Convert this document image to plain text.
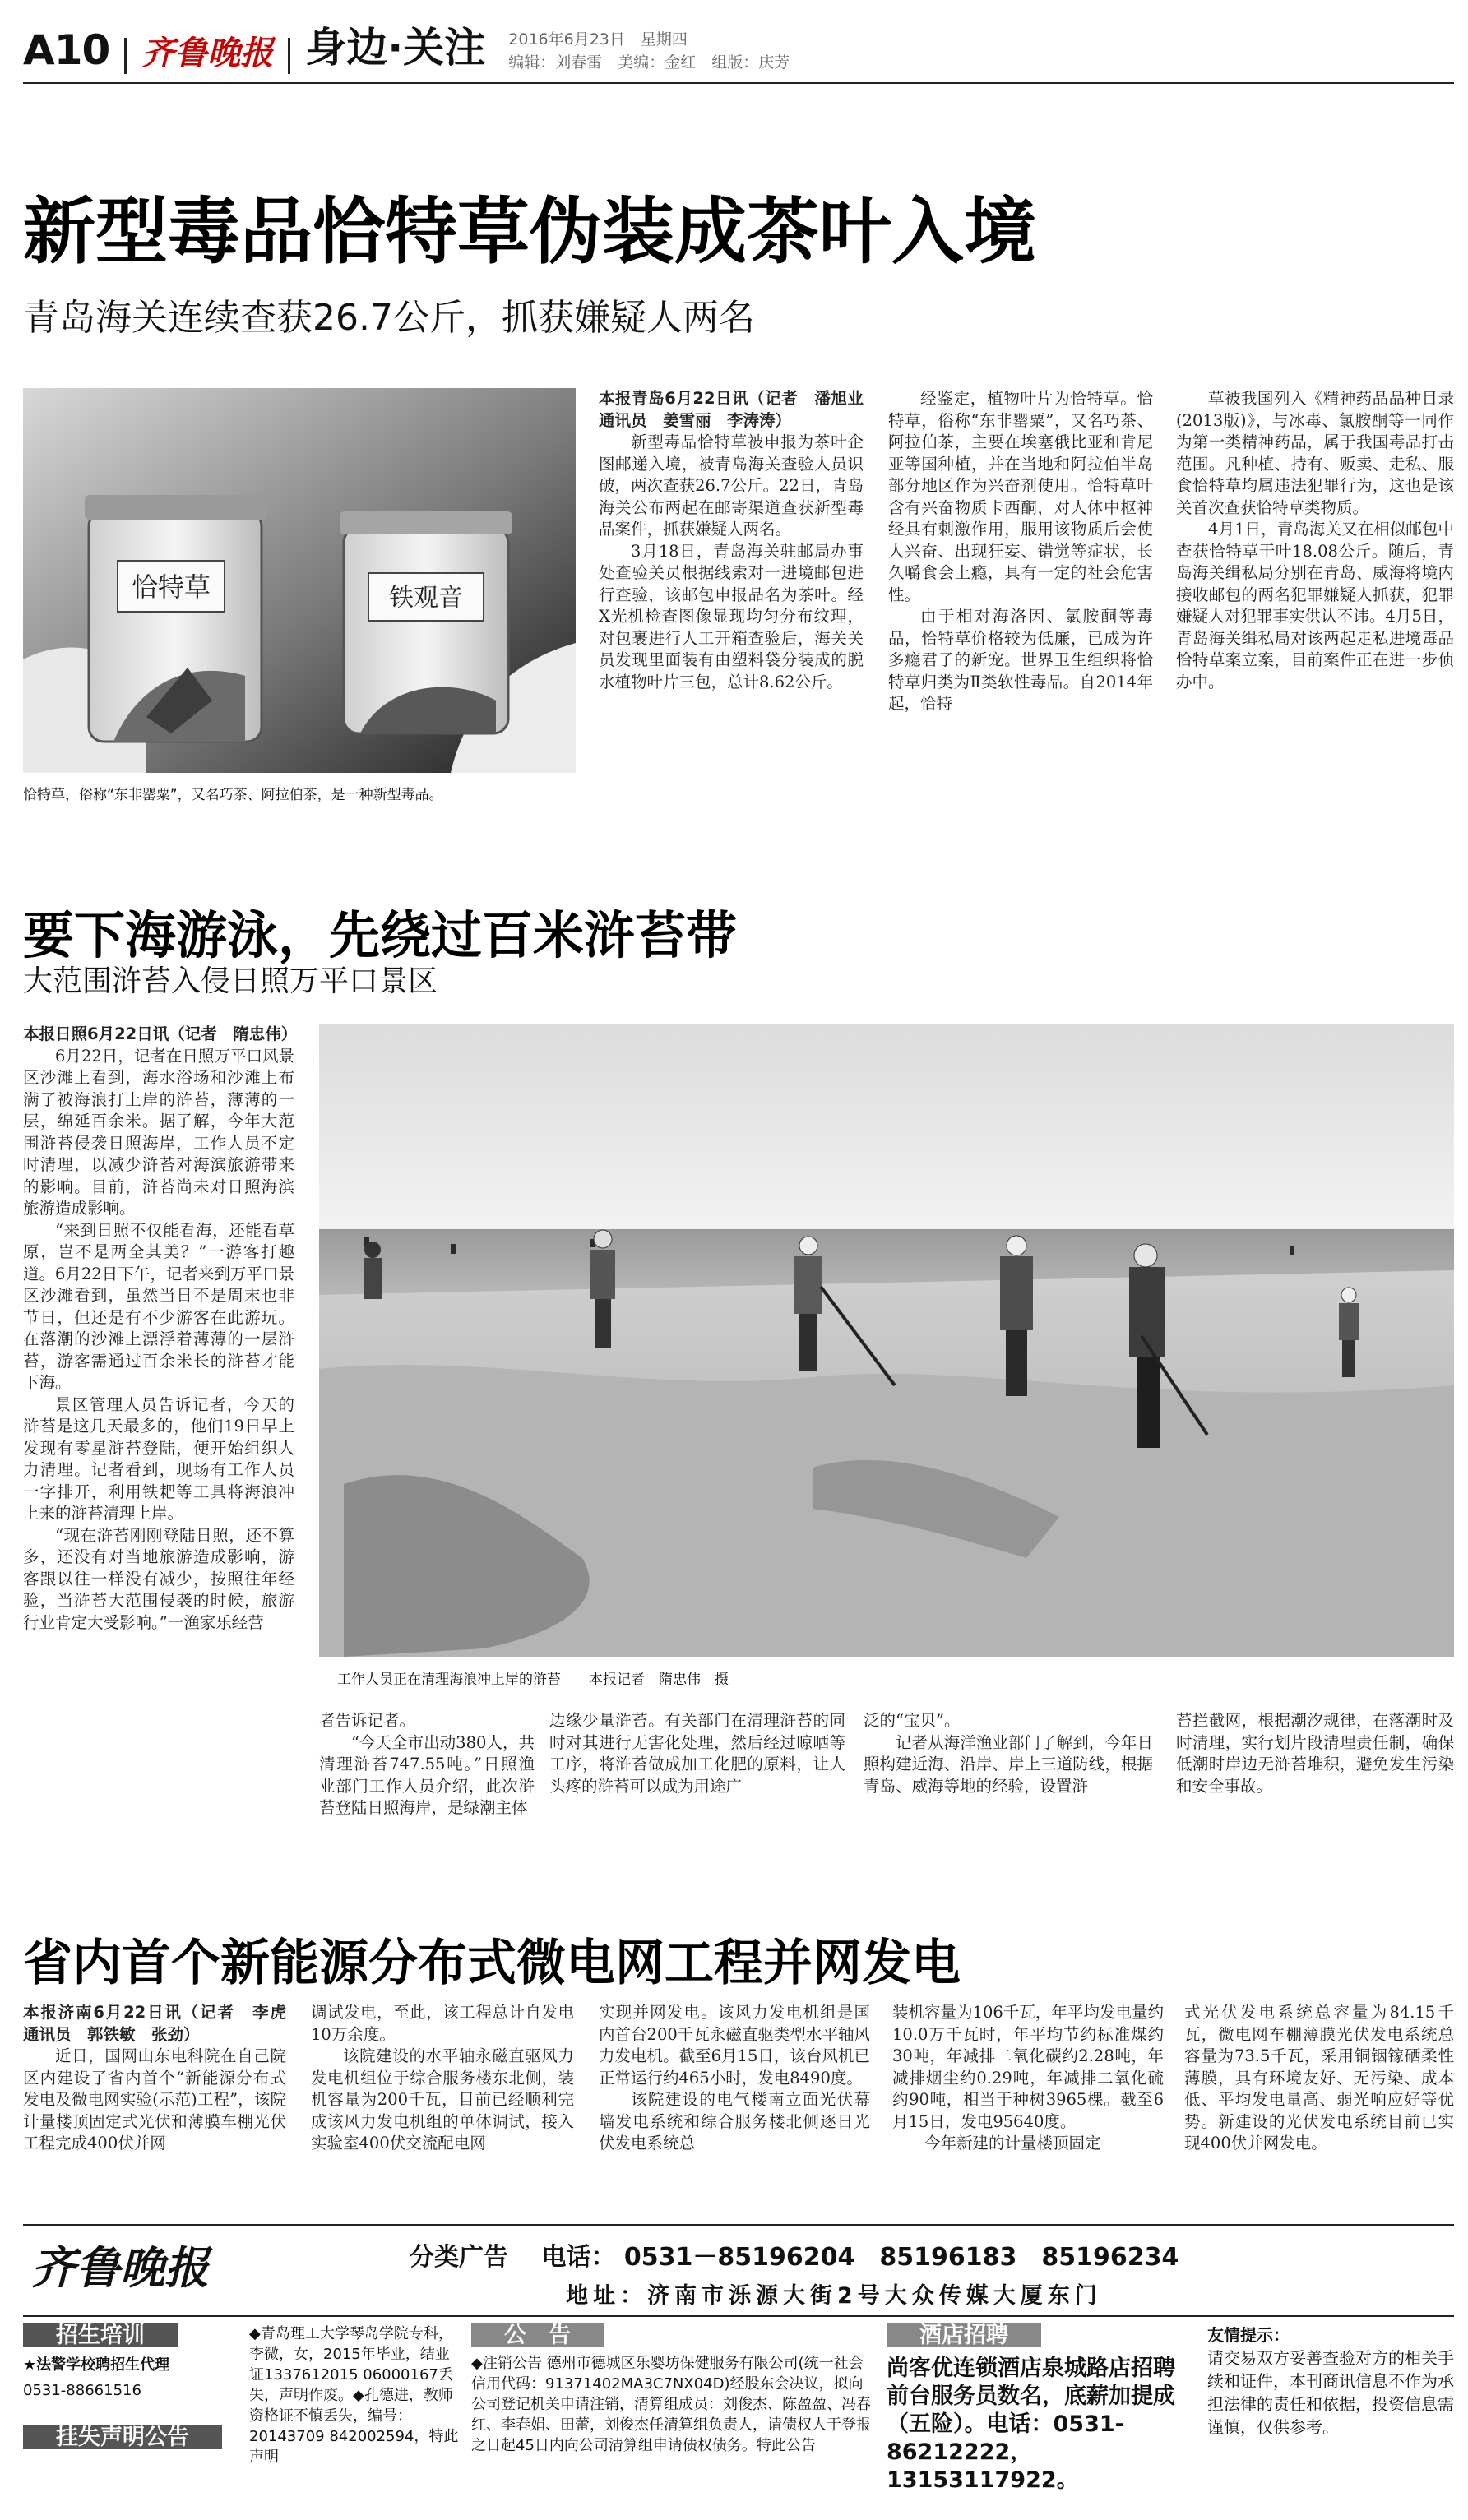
A10 齐鲁晚报 身边·关注 2016年6月23日　星期四
编辑：刘春雷　美编：金红　组版：庆芳
新型毒品恰特草伪装成茶叶入境
青岛海关连续查获26.7公斤，抓获嫌疑人两名
恰特草	铁观音
恰特草，俗称“东非罂粟”，又名巧茶、阿拉伯茶，是一种新型毒品。
本报青岛6月22日讯（记者　潘旭业　通讯员　姜雪丽　李涛涛）

新型毒品恰特草被申报为茶叶企图邮递入境，被青岛海关查验人员识破，两次查获26.7公斤。22日，青岛海关公布两起在邮寄渠道查获新型毒品案件，抓获嫌疑人两名。

3月18日，青岛海关驻邮局办事处查验关员根据线索对一进境邮包进行查验，该邮包申报品名为茶叶。经X光机检查图像显现均匀分布纹理，对包裹进行人工开箱查验后，海关关员发现里面装有由塑料袋分装成的脱水植物叶片三包，总计8.62公斤。

经鉴定，植物叶片为恰特草。恰特草，俗称“东非罂粟”，又名巧茶、阿拉伯茶，主要在埃塞俄比亚和肯尼亚等国种植，并在当地和阿拉伯半岛部分地区作为兴奋剂使用。恰特草叶含有兴奋物质卡西酮，对人体中枢神经具有刺激作用，服用该物质后会使人兴奋、出现狂妄、错觉等症状，长久嚼食会上瘾，具有一定的社会危害性。

由于相对海洛因、氯胺酮等毒品，恰特草价格较为低廉，已成为许多瘾君子的新宠。世界卫生组织将恰特草归类为Ⅱ类软性毒品。自2014年起，恰特

草被我国列入《精神药品品种目录(2013版)》，与冰毒、氯胺酮等一同作为第一类精神药品，属于我国毒品打击范围。凡种植、持有、贩卖、走私、服食恰特草均属违法犯罪行为，这也是该关首次查获恰特草类物质。

4月1日，青岛海关又在相似邮包中查获恰特草干叶18.08公斤。随后，青岛海关缉私局分别在青岛、威海将境内接收邮包的两名犯罪嫌疑人抓获，犯罪嫌疑人对犯罪事实供认不讳。4月5日，青岛海关缉私局对该两起走私进境毒品恰特草案立案，目前案件正在进一步侦办中。

要下海游泳，先绕过百米浒苔带
大范围浒苔入侵日照万平口景区
本报日照6月22日讯（记者　隋忠伟）

6月22日，记者在日照万平口风景区沙滩上看到，海水浴场和沙滩上布满了被海浪打上岸的浒苔，薄薄的一层，绵延百余米。据了解，今年大范围浒苔侵袭日照海岸，工作人员不定时清理，以减少浒苔对海滨旅游带来的影响。目前，浒苔尚未对日照海滨旅游造成影响。

“来到日照不仅能看海，还能看草原，岂不是两全其美？”一游客打趣道。6月22日下午，记者来到万平口景区沙滩看到，虽然当日不是周末也非节日，但还是有不少游客在此游玩。在落潮的沙滩上漂浮着薄薄的一层浒苔，游客需通过百余米长的浒苔才能下海。

景区管理人员告诉记者，今天的浒苔是这几天最多的，他们19日早上发现有零星浒苔登陆，便开始组织人力清理。记者看到，现场有工作人员一字排开，利用铁耙等工具将海浪冲上来的浒苔清理上岸。

“现在浒苔刚刚登陆日照，还不算多，还没有对当地旅游造成影响，游客跟以往一样没有减少，按照往年经验，当浒苔大范围侵袭的时候，旅游行业肯定大受影响。”一渔家乐经营

工作人员正在清理海浪冲上岸的浒苔　　本报记者　隋忠伟　摄
者告诉记者。

“今天全市出动380人，共清理浒苔747.55吨。”日照渔业部门工作人员介绍，此次浒苔登陆日照海岸，是绿潮主体

边缘少量浒苔。有关部门在清理浒苔的同时对其进行无害化处理，然后经过晾晒等工序，将浒苔做成加工化肥的原料，让人头疼的浒苔可以成为用途广
泛的“宝贝”。

记者从海洋渔业部门了解到，今年日照构建近海、沿岸、岸上三道防线，根据青岛、威海等地的经验，设置浒

苔拦截网，根据潮汐规律，在落潮时及时清理，实行划片段清理责任制，确保低潮时岸边无浒苔堆积，避免发生污染和安全事故。
省内首个新能源分布式微电网工程并网发电
本报济南6月22日讯（记者　李虎　通讯员　郭铁敏　张劲）

近日，国网山东电科院在自己院区内建设了省内首个“新能源分布式发电及微电网实验(示范)工程”，该院计量楼顶固定式光伏和薄膜车棚光伏工程完成400伏并网

调试发电，至此，该工程总计自发电10万余度。

该院建设的水平轴永磁直驱风力发电机组位于综合服务楼东北侧，装机容量为200千瓦，目前已经顺利完成该风力发电机组的单体调试，接入实验室400伏交流配电网

实现并网发电。该风力发电机组是国内首台200千瓦永磁直驱类型水平轴风力发电机。截至6月15日，该台风机已正常运行约465小时，发电8490度。

该院建设的电气楼南立面光伏幕墙发电系统和综合服务楼北侧逐日光伏发电系统总

装机容量为106千瓦，年平均发电量约10.0万千瓦时，年平均节约标准煤约30吨，年减排二氧化碳约2.28吨，年减排烟尘约0.29吨，年减排二氧化硫约90吨，相当于种树3965棵。截至6月15日，发电95640度。

今年新建的计量楼顶固定

式光伏发电系统总容量为84.15千瓦，微电网车棚薄膜光伏发电系统总容量为73.5千瓦，采用铜铟镓硒柔性薄膜，具有环境友好、无污染、成本低、平均发电量高、弱光响应好等优势。新建设的光伏发电系统目前已实现400伏并网发电。
齐鲁晚报	分类广告 电话： 0531－85196204　85196183　85196234
地址：济南市泺源大街2号大众传媒大厦东门
招生培训
★法警学校聘招生代理
0531-88661516
挂失声明公告
◆青岛理工大学琴岛学院专科，李微，女，2015年毕业，结业证1337612015 06000167丢失，声明作废。◆孔德进，教师资格证不慎丢失，编号：20143709 842002594，特此声明
公　告
◆注销公告 德州市德城区乐婴坊保健服务有限公司(统一社会信用代码：91371402MA3C7NX04D)经股东会决议，拟向公司登记机关申请注销，清算组成员：刘俊杰、陈盈盈、冯春红、李春娟、田蕾，刘俊杰任清算组负责人，请债权人于登报之日起45日内向公司清算组申请债权债务。特此公告
酒店招聘
尚客优连锁酒店泉城路店招聘前台服务员数名，底薪加提成（五险）。电话：0531-86212222，13153117922。
友情提示：
请交易双方妥善查验对方的相关手续和证件，本刊商讯信息不作为承担法律的责任和依据，投资信息需谨慎，仅供参考。
